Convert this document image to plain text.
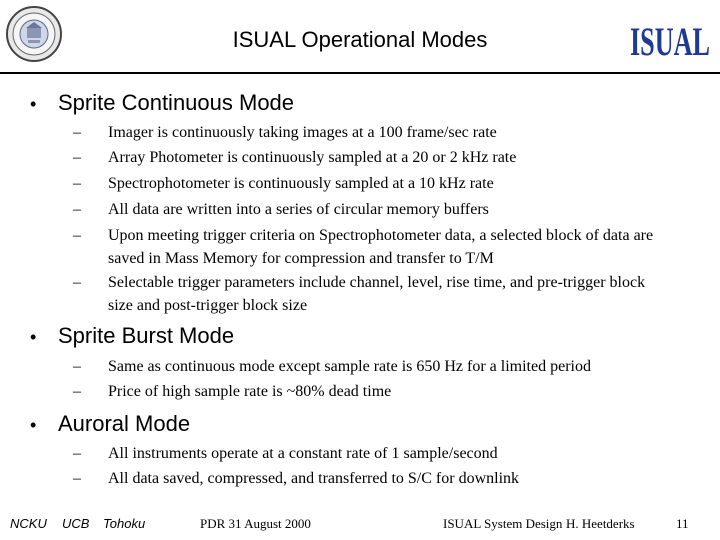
ISUAL Operational Modes	ISUAL
• Sprite Continuous Mode
–	Imager is continuously taking images at a 100 frame/sec rate
–	Array Photometer is continuously sampled at a 20 or 2 kHz rate
–	Spectrophotometer is continuously sampled at a 10 kHz rate
–	All data are written into a series of circular memory buffers
–	Upon meeting trigger criteria on Spectrophotometer data, a selected block of data are saved in Mass Memory for compression and transfer to T/M
–	Selectable trigger parameters include channel, level, rise time, and pre-trigger block size and post-trigger block size
• Sprite Burst Mode
–	Same as continuous mode except sample rate is 650 Hz for a limited period
–	Price of high sample rate is ~80% dead time
• Auroral Mode
–	All instruments operate at a constant rate of 1 sample/second
–	All data saved, compressed, and transferred to S/C for downlink
NCKU UCB Tohoku	PDR 31 August 2000	ISUAL System Design H. Heetderks	11
